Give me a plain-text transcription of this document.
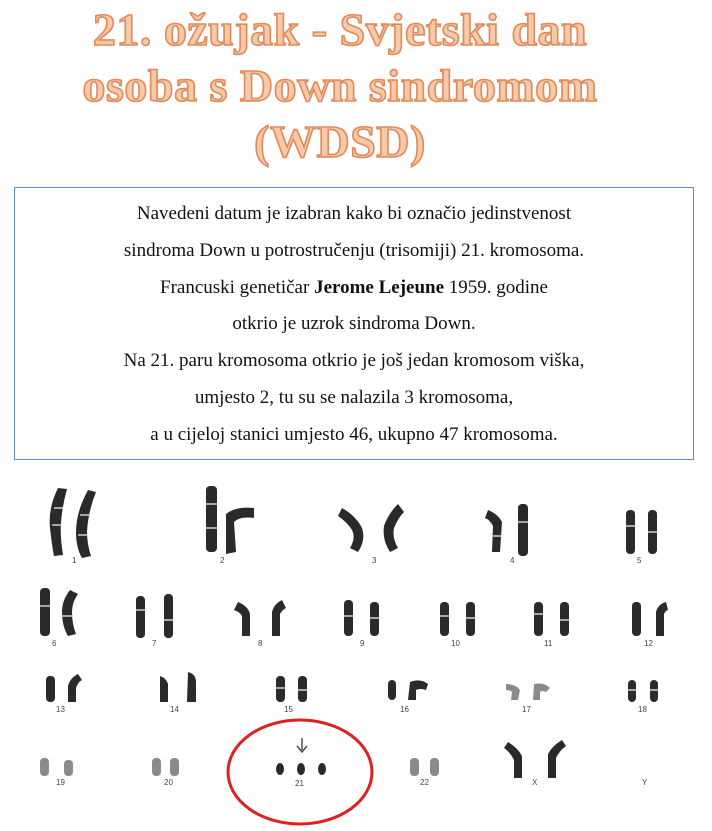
21. ožujak - Svjetski dan
osoba s Down sindromom
(WDSD)

Navedeni datum je izabran kako bi označio jedinstvenost

sindroma Down u potrostručenju (trisomiji) 21. kromosoma.

Francuski genetičar Jerome Lejeune 1959. godine

otkrio je uzrok sindroma Down.

Na 21. paru kromosoma otkrio je još jedan kromosom viška,

umjesto 2, tu su se nalazila 3 kromosoma,

a u cijeloj stanici umjesto 46, ukupno 47 kromosoma.

1	2	3	4	5
6	7	8	9	10	11	12
13	14	15	16	17	18
19	20	21	22	X	Y
